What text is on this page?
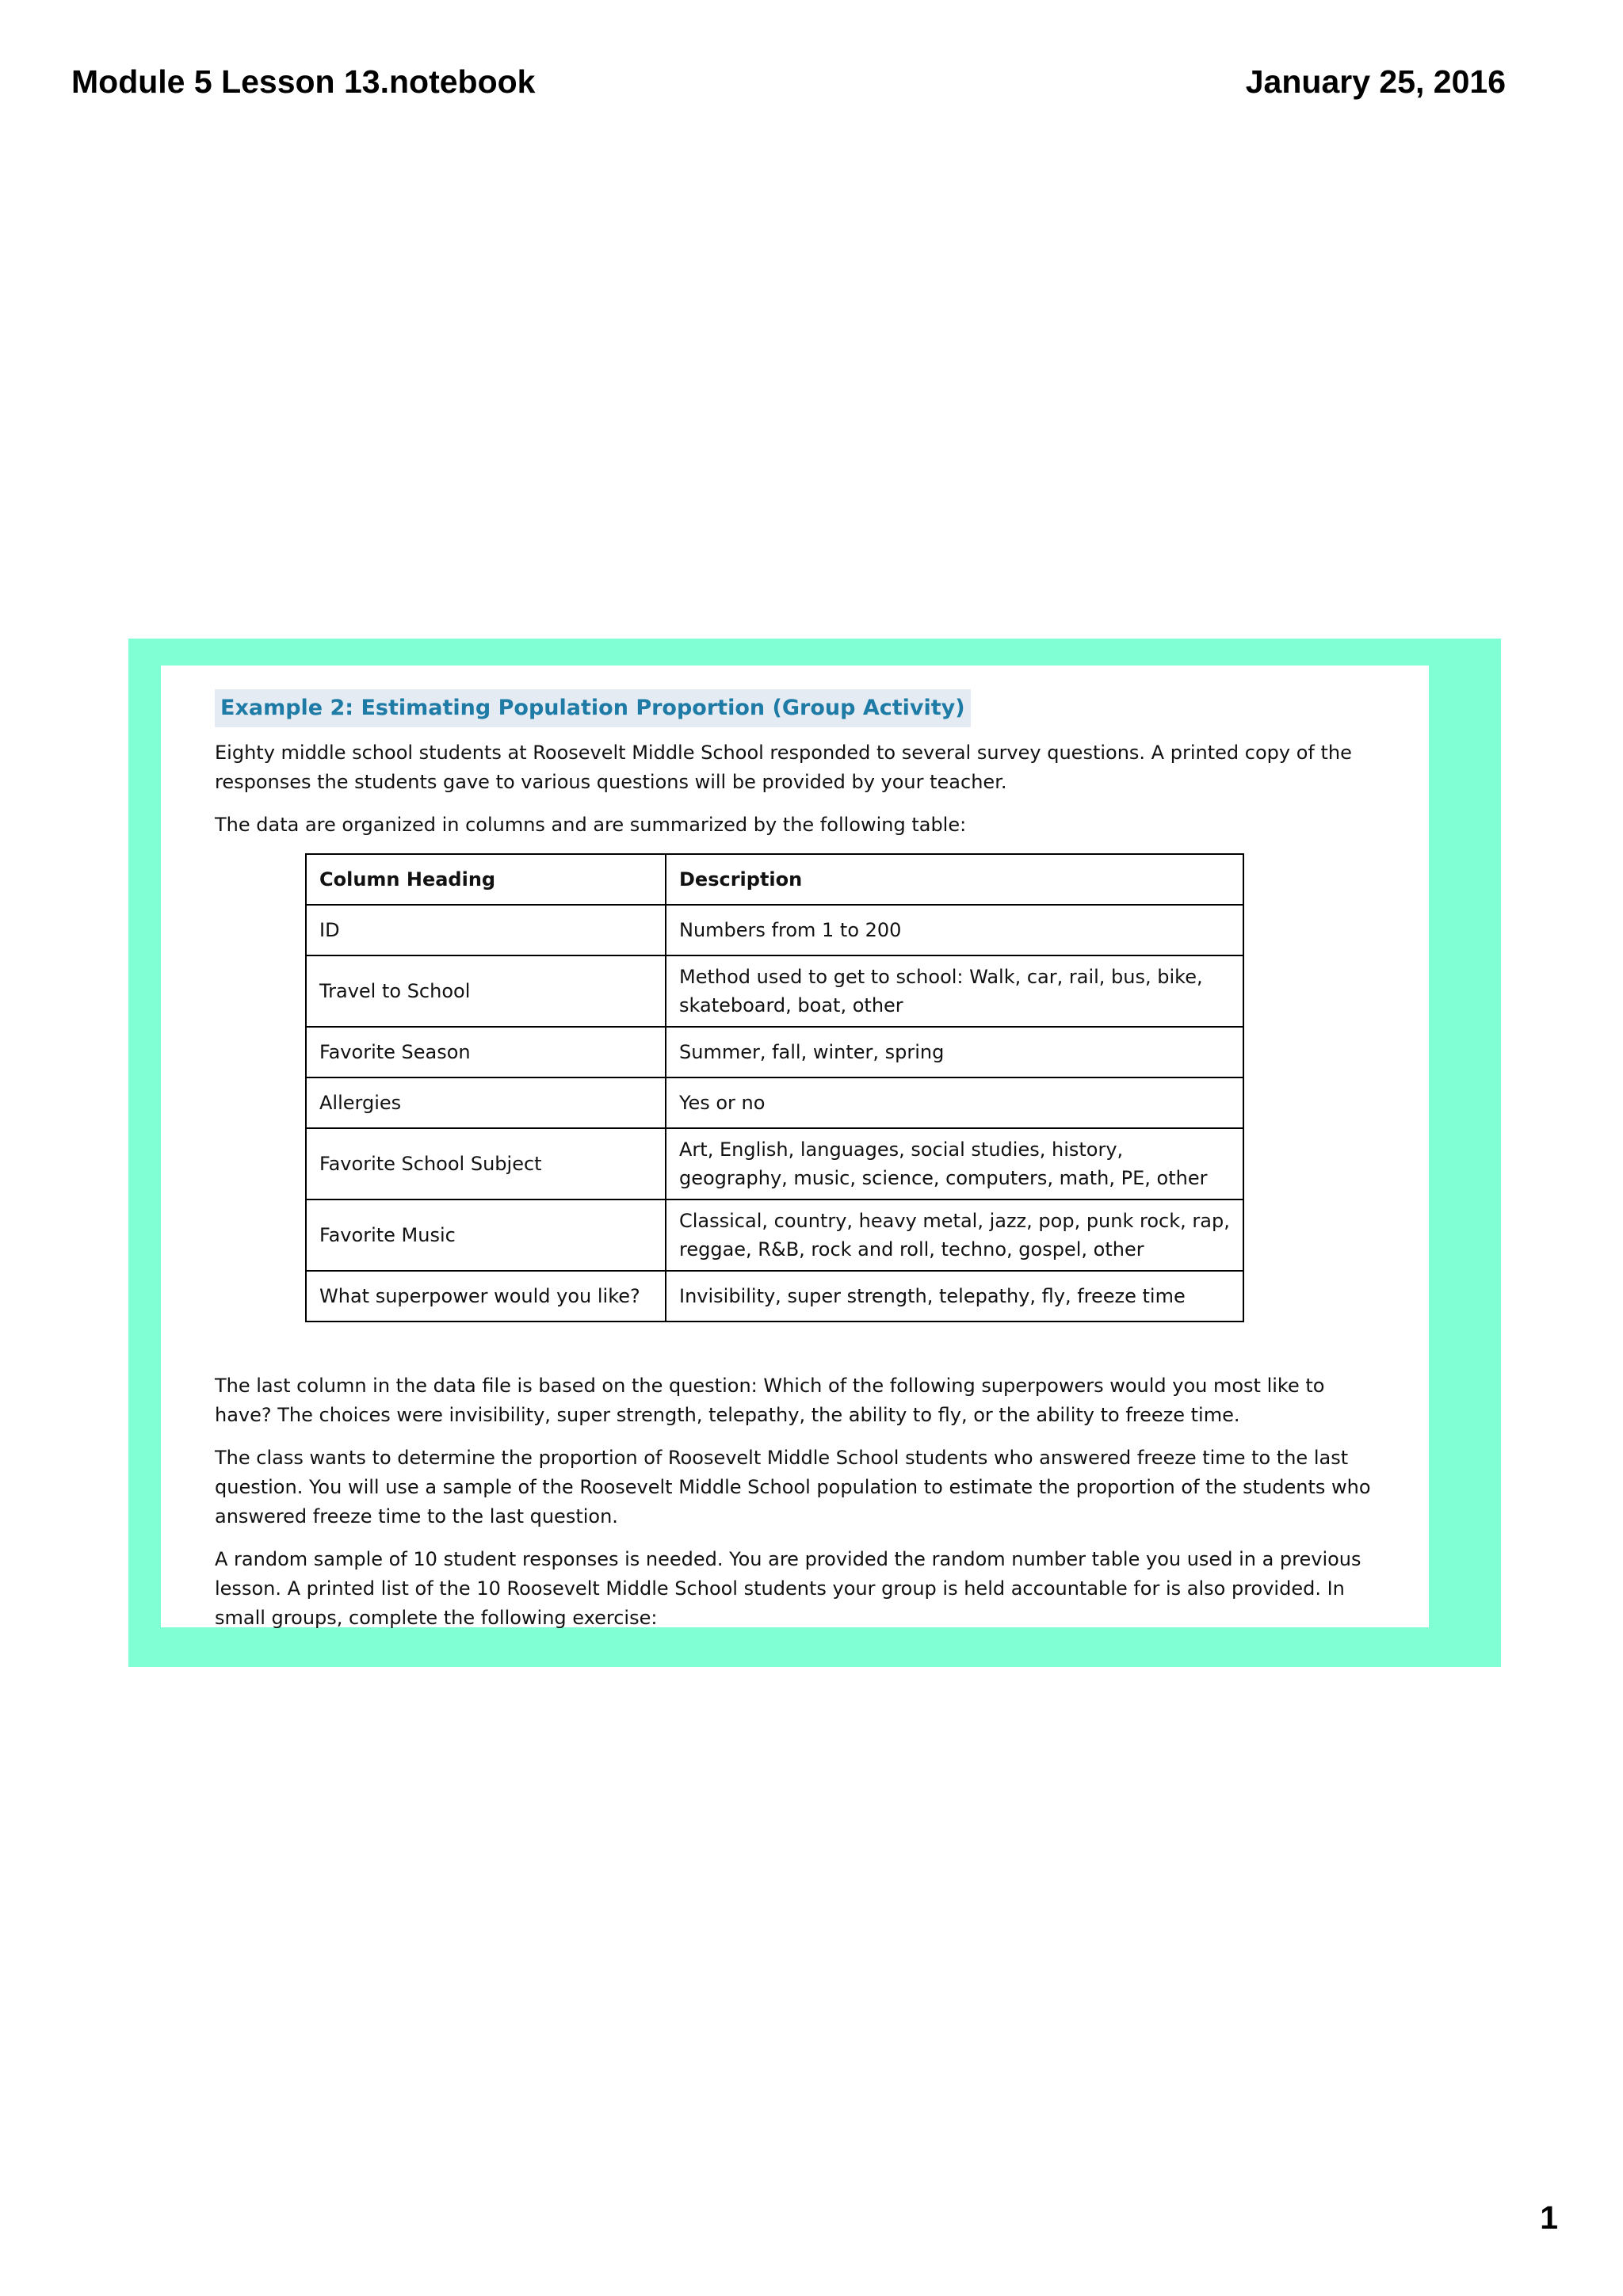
Module 5 Lesson 13.notebook	January 25, 2016
Example 2: Estimating Population Proportion (Group Activity)

Eighty middle school students at Roosevelt Middle School responded to several survey questions. A printed copy of the responses the students gave to various questions will be provided by your teacher.

The data are organized in columns and are summarized by the following table:

Column Heading	Description
ID	Numbers from 1 to 200
Travel to School	Method used to get to school: Walk, car, rail, bus, bike, skateboard, boat, other
Favorite Season	Summer, fall, winter, spring
Allergies	Yes or no
Favorite School Subject	Art, English, languages, social studies, history, geography, music, science, computers, math, PE, other
Favorite Music	Classical, country, heavy metal, jazz, pop, punk rock, rap, reggae, R&B, rock and roll, techno, gospel, other
What superpower would you like?	Invisibility, super strength, telepathy, fly, freeze time

The last column in the data file is based on the question: Which of the following superpowers would you most like to have? The choices were invisibility, super strength, telepathy, the ability to fly, or the ability to freeze time.

The class wants to determine the proportion of Roosevelt Middle School students who answered freeze time to the last question. You will use a sample of the Roosevelt Middle School population to estimate the proportion of the students who answered freeze time to the last question.

A random sample of 10 student responses is needed. You are provided the random number table you used in a previous lesson. A printed list of the 10 Roosevelt Middle School students your group is held accountable for is also provided. In small groups, complete the following exercise:

1
